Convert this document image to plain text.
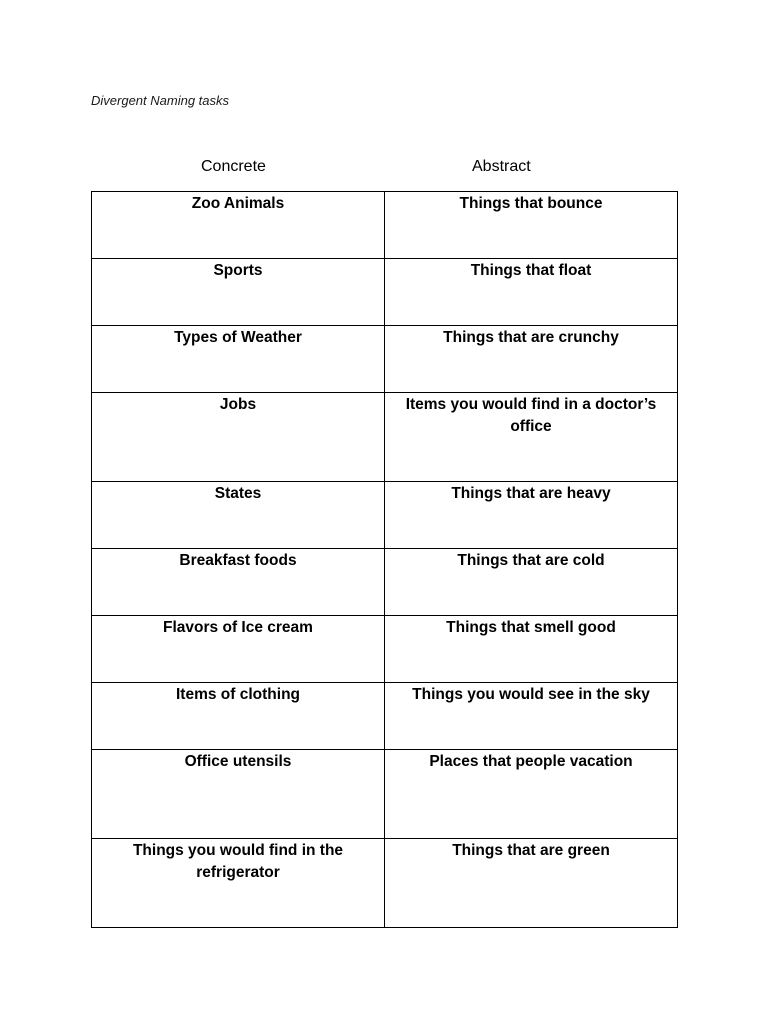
Divergent Naming tasks
Concrete	Abstract
Zoo Animals	Things that bounce
Sports	Things that float
Types of Weather	Things that are crunchy
Jobs	Items you would find in a doctor’s office
States	Things that are heavy
Breakfast foods	Things that are cold
Flavors of Ice cream	Things that smell good
Items of clothing	Things you would see in the sky
Office utensils	Places that people vacation
Things you would find in the refrigerator	Things that are green
